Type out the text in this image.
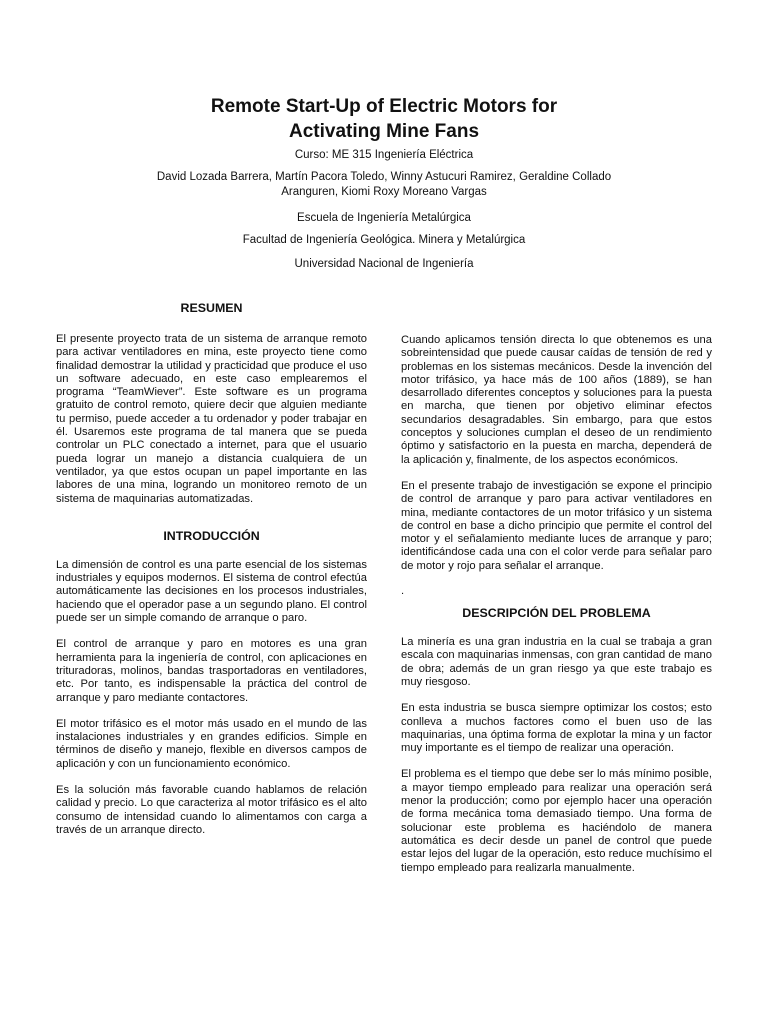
Remote Start-Up of Electric Motors for
Activating Mine Fans

Curso: ME 315 Ingeniería Eléctrica

David Lozada Barrera, Martín Pacora Toledo, Winny Astucuri Ramirez, Geraldine Collado
Aranguren, Kiomi Roxy Moreano Vargas

Escuela de Ingeniería Metalúrgica

Facultad de Ingeniería Geológica. Minera y Metalúrgica

Universidad Nacional de Ingeniería

RESUMEN

El presente proyecto trata de un sistema de arranque remoto para activar ventiladores en mina, este proyecto tiene como finalidad demostrar la utilidad y practicidad que produce el uso un software adecuado, en este caso emplearemos el programa “TeamWiever”. Este software es un programa gratuito de control remoto, quiere decir que alguien mediante tu permiso, puede acceder a tu ordenador y poder trabajar en él. Usaremos este programa de tal manera que se pueda controlar un PLC conectado a internet, para que el usuario pueda lograr un manejo a distancia cualquiera de un ventilador, ya que estos ocupan un papel importante en las labores de una mina, logrando un monitoreo remoto de un sistema de maquinarias automatizadas.

INTRODUCCIÓN

La dimensión de control es una parte esencial de los sistemas industriales y equipos modernos. El sistema de control efectúa automáticamente las decisiones en los procesos industriales, haciendo que el operador pase a un segundo plano. El control puede ser un simple comando de arranque o paro.

El control de arranque y paro en motores es una gran herramienta para la ingeniería de control, con aplicaciones en trituradoras, molinos, bandas trasportadoras en ventiladores, etc. Por tanto, es indispensable la práctica del control de arranque y paro mediante contactores.

El motor trifásico es el motor más usado en el mundo de las instalaciones industriales y en grandes edificios. Simple en términos de diseño y manejo, flexible en diversos campos de aplicación y con un funcionamiento económico.

Es la solución más favorable cuando hablamos de relación calidad y precio. Lo que caracteriza al motor trifásico es el alto consumo de intensidad cuando lo alimentamos con carga a través de un arranque directo.

Cuando aplicamos tensión directa lo que obtenemos es una sobreintensidad que puede causar caídas de tensión de red y problemas en los sistemas mecánicos. Desde la invención del motor trifásico, ya hace más de 100 años (1889), se han desarrollado diferentes conceptos y soluciones para la puesta en marcha, que tienen por objetivo eliminar efectos secundarios desagradables. Sin embargo, para que estos conceptos y soluciones cumplan el deseo de un rendimiento óptimo y satisfactorio en la puesta en marcha, dependerá de la aplicación y, finalmente, de los aspectos económicos.

En el presente trabajo de investigación se expone el principio de control de arranque y paro para activar ventiladores en mina, mediante contactores de un motor trifásico y un sistema de control en base a dicho principio que permite el control del motor y el señalamiento mediante luces de arranque y paro; identificándose cada una con el color verde para señalar paro de motor y rojo para señalar el arranque.

.

DESCRIPCIÓN DEL PROBLEMA

La minería es una gran industria en la cual se trabaja a gran escala con maquinarias inmensas, con gran cantidad de mano de obra; además de un gran riesgo ya que este trabajo es muy riesgoso.

En esta industria se busca siempre optimizar los costos; esto conlleva a muchos factores como el buen uso de las maquinarias, una óptima forma de explotar la mina y un factor muy importante es el tiempo de realizar una operación.

El problema es el tiempo que debe ser lo más mínimo posible, a mayor tiempo empleado para realizar una operación será menor la producción; como por ejemplo hacer una operación de forma mecánica toma demasiado tiempo. Una forma de solucionar este problema es haciéndolo de manera automática es decir desde un panel de control que puede estar lejos del lugar de la operación, esto reduce muchísimo el tiempo empleado para realizarla manualmente.
